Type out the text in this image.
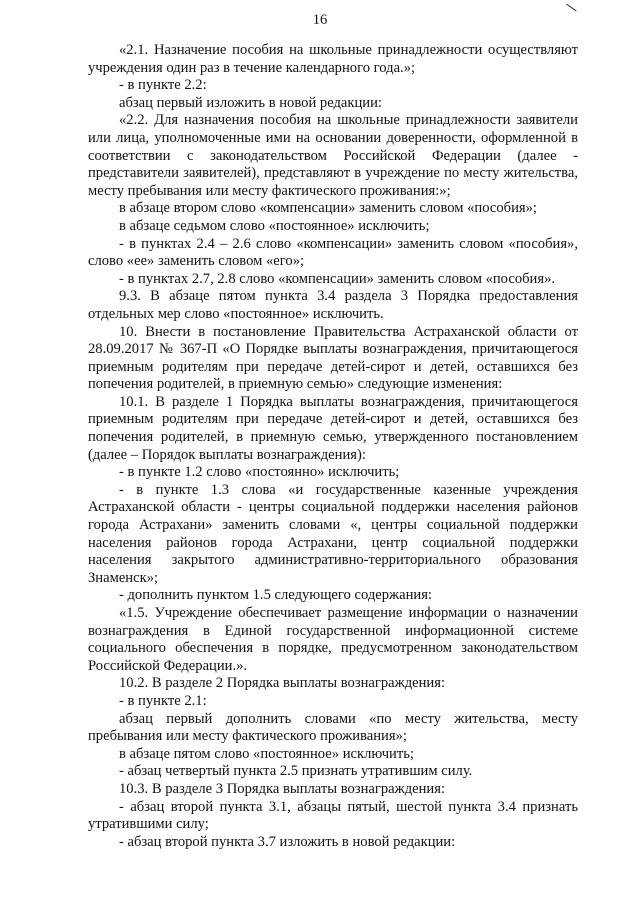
16

«2.1. Назначение пособия на школьные принадлежности осуществляют учреждения один раз в течение календарного года.»;

- в пункте 2.2:

абзац первый изложить в новой редакции:

«2.2. Для назначения пособия на школьные принадлежности заявители или лица, уполномоченные ими на основании доверенности, оформленной в соответствии с законодательством Российской Федерации (далее - представители заявителей), представляют в учреждение по месту жительства, месту пребывания или месту фактического проживания:»;

в абзаце втором слово «компенсации» заменить словом «пособия»;

в абзаце седьмом слово «постоянное» исключить;

- в пунктах 2.4 – 2.6 слово «компенсации» заменить словом «пособия», слово «ее» заменить словом «его»;

- в пунктах 2.7, 2.8 слово «компенсации» заменить словом «пособия».

9.3. В абзаце пятом пункта 3.4 раздела 3 Порядка предоставления отдельных мер слово «постоянное» исключить.

10. Внести в постановление Правительства Астраханской области от 28.09.2017 № 367-П «О Порядке выплаты вознаграждения, причитающегося приемным родителям при передаче детей-сирот и детей, оставшихся без попечения родителей, в приемную семью» следующие изменения:

10.1. В разделе 1 Порядка выплаты вознаграждения, причитающегося приемным родителям при передаче детей-сирот и детей, оставшихся без попечения родителей, в приемную семью, утвержденного постановлением (далее – Порядок выплаты вознаграждения):

- в пункте 1.2 слово «постоянно» исключить;

- в пункте 1.3 слова «и государственные казенные учреждения Астраханской области - центры социальной поддержки населения районов города Астрахани» заменить словами «, центры социальной поддержки населения районов города Астрахани, центр социальной поддержки населения закрытого административно-территориального образования Знаменск»;

- дополнить пунктом 1.5 следующего содержания:

«1.5. Учреждение обеспечивает размещение информации о назначении вознаграждения в Единой государственной информационной системе социального обеспечения в порядке, предусмотренном законодательством Российской Федерации.».

10.2. В разделе 2 Порядка выплаты вознаграждения:

- в пункте 2.1:

абзац первый дополнить словами «по месту жительства, месту пребывания или месту фактического проживания»;

в абзаце пятом слово «постоянное» исключить;

- абзац четвертый пункта 2.5 признать утратившим силу.

10.3. В разделе 3 Порядка выплаты вознаграждения:

- абзац второй пункта 3.1, абзацы пятый, шестой пункта 3.4 признать утратившими силу;

- абзац второй пункта 3.7 изложить в новой редакции:
